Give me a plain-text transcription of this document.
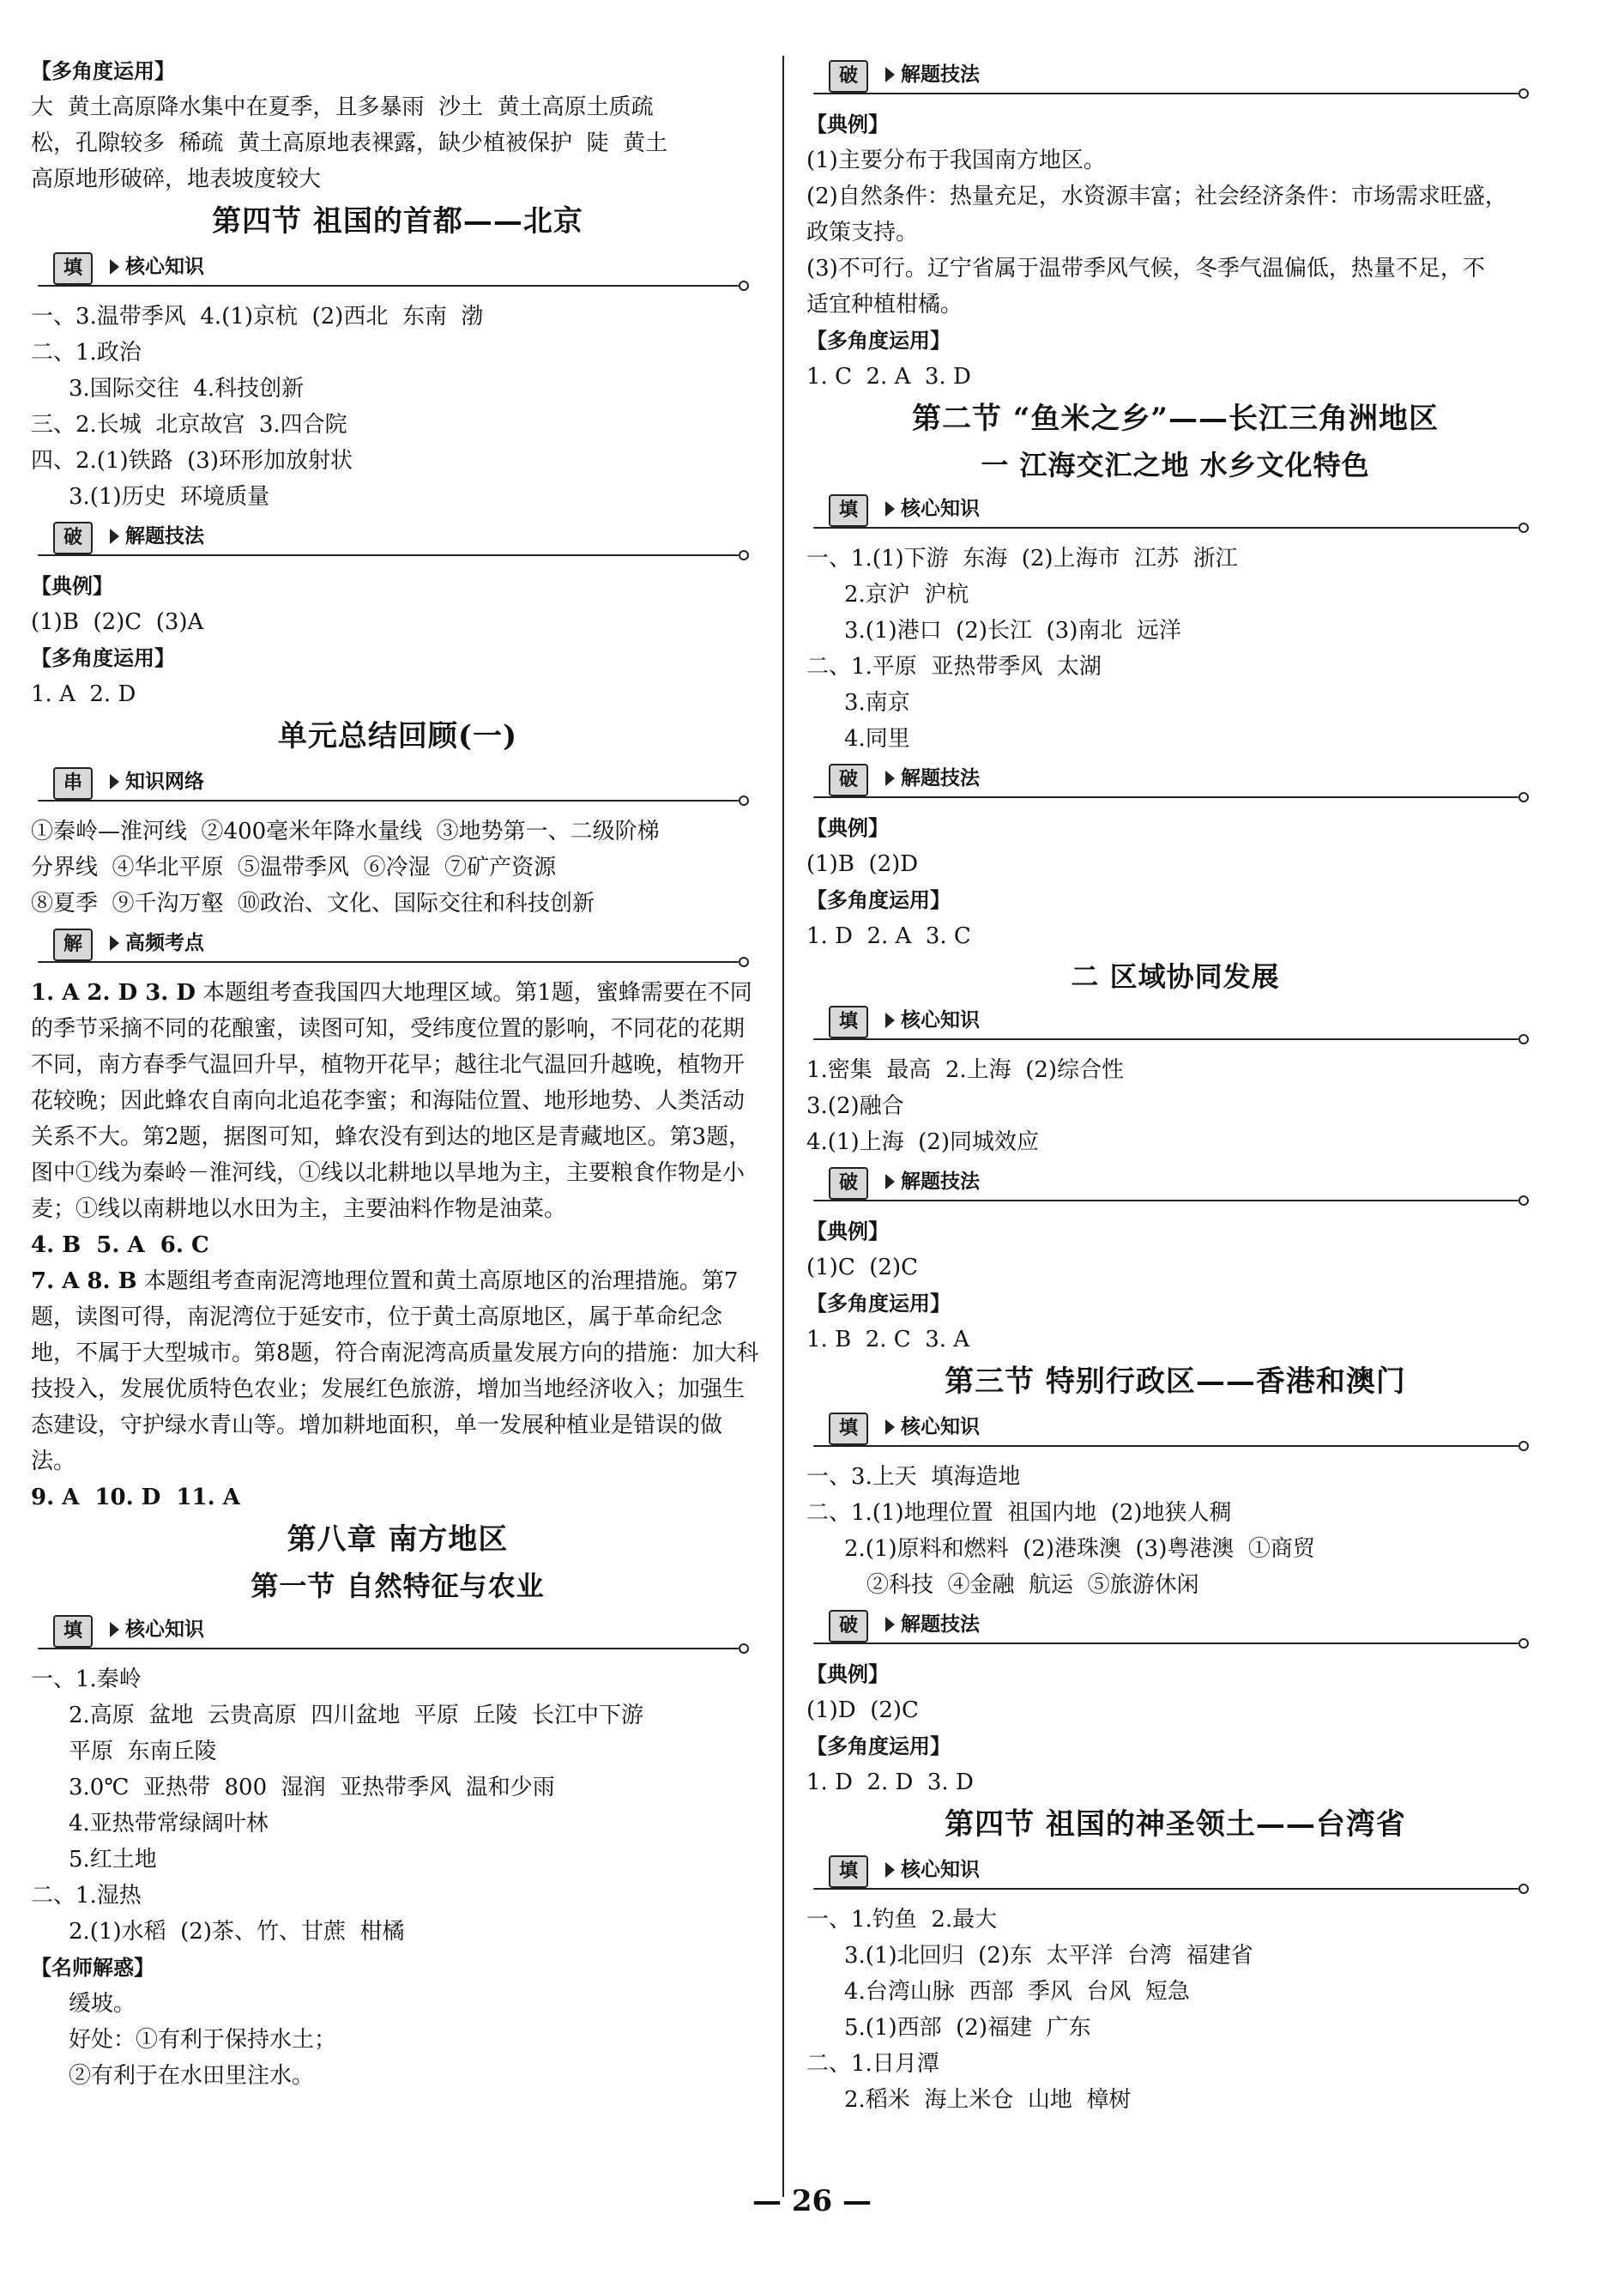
【多角度运用】
大  黄土高原降水集中在夏季，且多暴雨  沙土  黄土高原土质疏
松，孔隙较多  稀疏  黄土高原地表裸露，缺少植被保护  陡  黄土
高原地形破碎，地表坡度较大
第四节 祖国的首都——北京
填	核心知识
一、3.温带季风  4.(1)京杭  (2)西北  东南  渤
二、1.政治
3.国际交往  4.科技创新
三、2.长城  北京故宫  3.四合院
四、2.(1)铁路  (3)环形加放射状
3.(1)历史  环境质量
破	解题技法
【典例】
(1)B  (2)C  (3)A
【多角度运用】
1. A  2. D
单元总结回顾(一)
串	知识网络
①秦岭—淮河线  ②400毫米年降水量线  ③地势第一、二级阶梯
分界线  ④华北平原  ⑤温带季风  ⑥冷湿  ⑦矿产资源
⑧夏季  ⑨千沟万壑  ⑩政治、文化、国际交往和科技创新
解	高频考点
1. A 2. D 3. D 本题组考查我国四大地理区域。第1题，蜜蜂需要在不同的季节采摘不同的花酿蜜，读图可知，受纬度位置的影响，不同花的花期不同，南方春季气温回升早，植物开花早；越往北气温回升越晚，植物开花较晚；因此蜂农自南向北追花李蜜；和海陆位置、地形地势、人类活动关系不大。第2题，据图可知，蜂农没有到达的地区是青藏地区。第3题，图中①线为秦岭－淮河线，①线以北耕地以旱地为主，主要粮食作物是小麦；①线以南耕地以水田为主，主要油料作物是油菜。
4. B  5. A  6. C
7. A 8. B 本题组考查南泥湾地理位置和黄土高原地区的治理措施。第7题，读图可得，南泥湾位于延安市，位于黄土高原地区，属于革命纪念地，不属于大型城市。第8题，符合南泥湾高质量发展方向的措施：加大科技投入，发展优质特色农业；发展红色旅游，增加当地经济收入；加强生态建设，守护绿水青山等。增加耕地面积，单一发展种植业是错误的做法。
9. A  10. D  11. A
第八章 南方地区
第一节 自然特征与农业
填	核心知识
一、1.秦岭
2.高原  盆地  云贵高原  四川盆地  平原  丘陵  长江中下游
平原  东南丘陵
3.0℃  亚热带  800  湿润  亚热带季风  温和少雨
4.亚热带常绿阔叶林
5.红土地
二、1.湿热
2.(1)水稻  (2)茶、竹、甘蔗  柑橘
【名师解惑】
缓坡。
好处：①有利于保持水土；
②有利于在水田里注水。
破	解题技法
【典例】
(1)主要分布于我国南方地区。
(2)自然条件：热量充足，水资源丰富；社会经济条件：市场需求旺盛，
政策支持。
(3)不可行。辽宁省属于温带季风气候，冬季气温偏低，热量不足，不
适宜种植柑橘。
【多角度运用】
1. C  2. A  3. D
第二节 “鱼米之乡”——长江三角洲地区
一 江海交汇之地 水乡文化特色
填	核心知识
一、1.(1)下游  东海  (2)上海市  江苏  浙江
2.京沪  沪杭
3.(1)港口  (2)长江  (3)南北  远洋
二、1.平原  亚热带季风  太湖
3.南京
4.同里
破	解题技法
【典例】
(1)B  (2)D
【多角度运用】
1. D  2. A  3. C
二 区域协同发展
填	核心知识
1.密集  最高  2.上海  (2)综合性
3.(2)融合
4.(1)上海  (2)同城效应
破	解题技法
【典例】
(1)C  (2)C
【多角度运用】
1. B  2. C  3. A
第三节 特别行政区——香港和澳门
填	核心知识
一、3.上天  填海造地
二、1.(1)地理位置  祖国内地  (2)地狭人稠
2.(1)原料和燃料  (2)港珠澳  (3)粤港澳  ①商贸
②科技  ④金融  航运  ⑤旅游休闲
破	解题技法
【典例】
(1)D  (2)C
【多角度运用】
1. D  2. D  3. D
第四节 祖国的神圣领土——台湾省
填	核心知识
一、1.钓鱼  2.最大
3.(1)北回归  (2)东  太平洋  台湾  福建省
4.台湾山脉  西部  季风  台风  短急
5.(1)西部  (2)福建  广东
二、1.日月潭
2.稻米  海上米仓  山地  樟树
— 26 —
